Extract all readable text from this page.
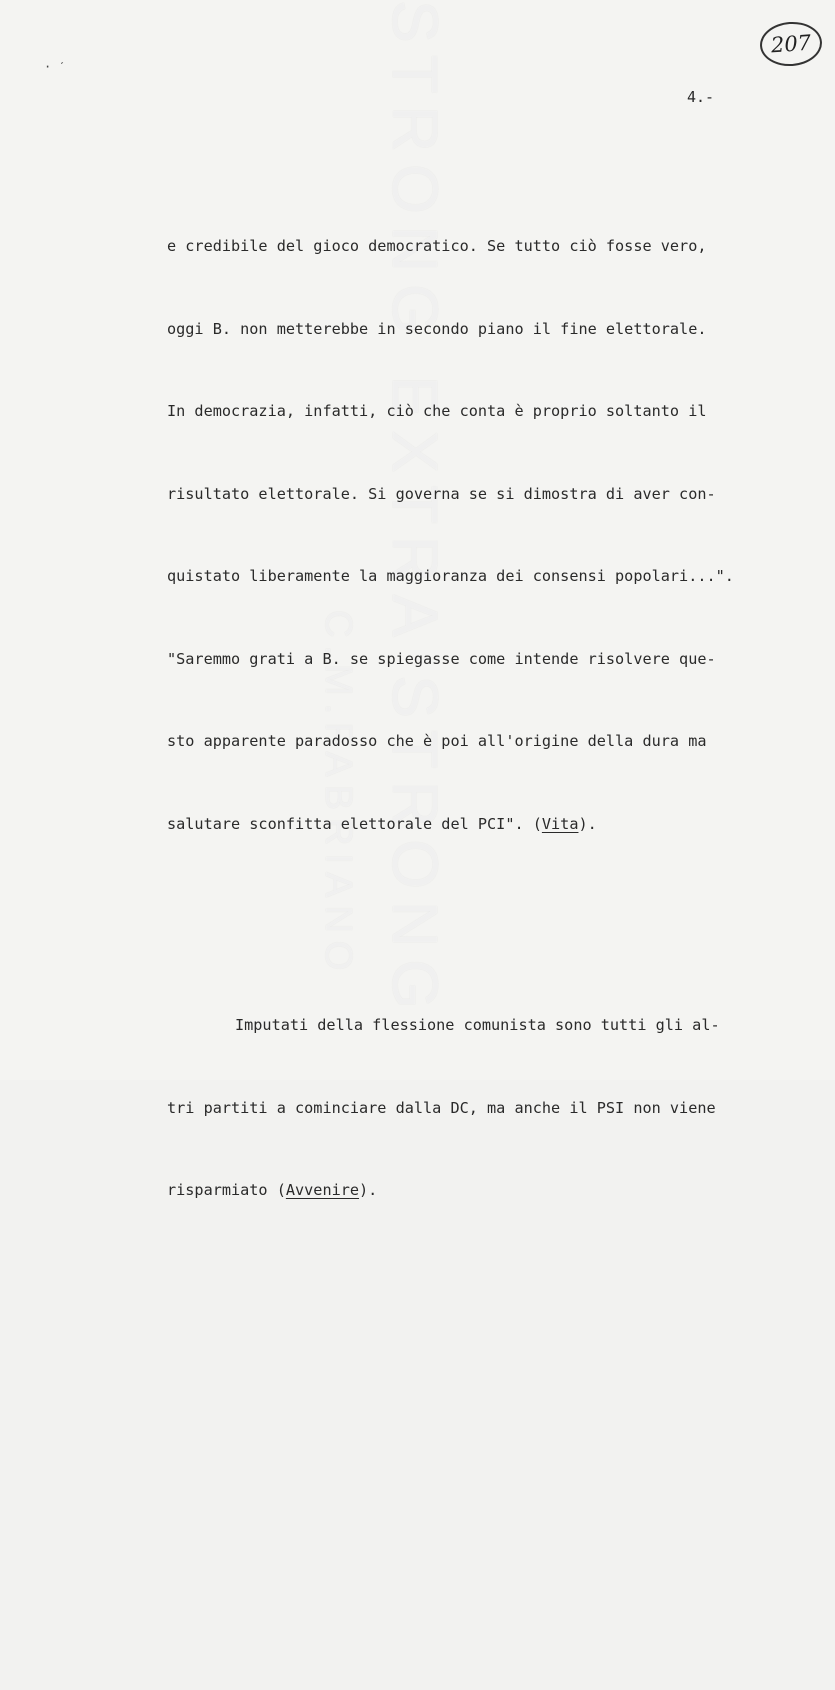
STRONG EXTRA STRONG
C.M.FABRIANO
· ˊ
207
4.-

e credibile del gioco democratico. Se tutto ciò fosse vero,

oggi B. non metterebbe in secondo piano il fine elettorale.

In democrazia, infatti, ciò che conta è proprio soltanto il

risultato elettorale. Si governa se si dimostra di aver con-

quistato liberamente la maggioranza dei consensi popolari...".

"Saremmo grati a B. se spiegasse come intende risolvere que-

sto apparente paradosso che è poi all'origine della dura ma

salutare sconfitta elettorale del PCI". (Vita).

Imputati della flessione comunista sono tutti gli al-

tri partiti a cominciare dalla DC, ma anche il PSI non viene

risparmiato (Avvenire).
